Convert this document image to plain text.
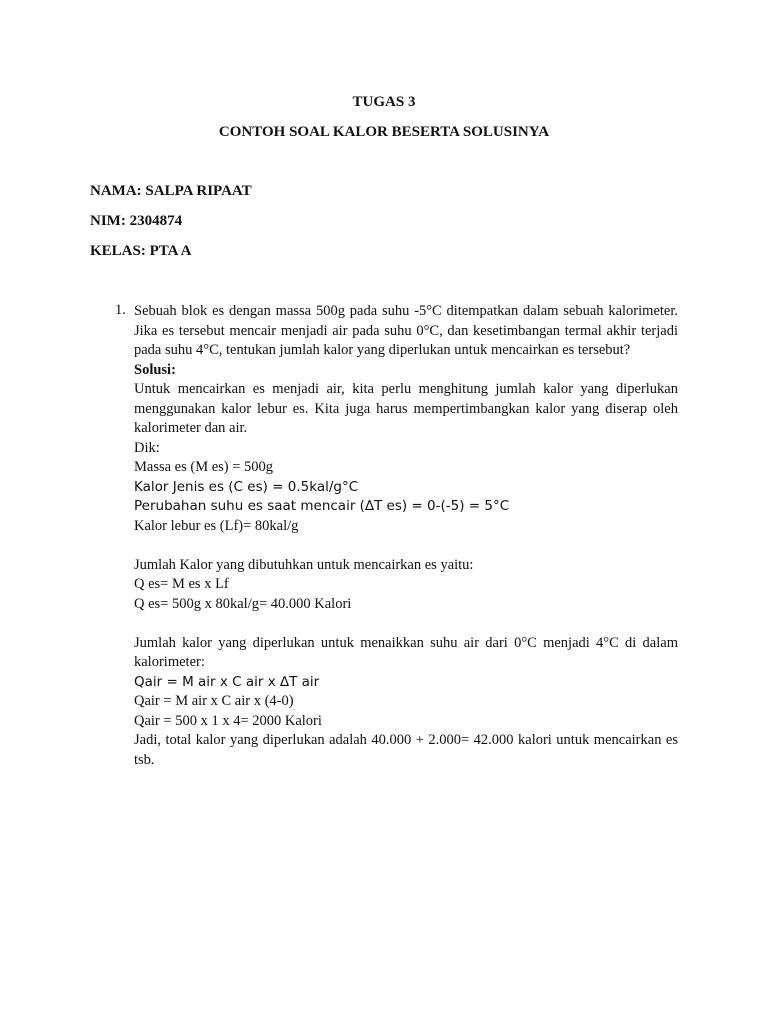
TUGAS 3
CONTOH SOAL KALOR BESERTA SOLUSINYA
NAMA: SALPA RIPAAT
NIM: 2304874
KELAS: PTA A
1. Sebuah blok es dengan massa 500g pada suhu -5°C ditempatkan dalam sebuah kalorimeter. Jika es tersebut mencair menjadi air pada suhu 0°C, dan kesetimbangan termal akhir terjadi pada suhu 4°C, tentukan jumlah kalor yang diperlukan untuk mencairkan es tersebut?

Solusi:

Untuk mencairkan es menjadi air, kita perlu menghitung jumlah kalor yang diperlukan menggunakan kalor lebur es. Kita juga harus mempertimbangkan kalor yang diserap oleh kalorimeter dan air.

Dik:

Massa es (M es) = 500g

Kalor Jenis es (C es) = 0.5kal/g°C

Perubahan suhu es saat mencair (∆T es) = 0-(-5) = 5°C

Kalor lebur es (Lf)= 80kal/g

Jumlah Kalor yang dibutuhkan untuk mencairkan es yaitu:

Q es= M es x Lf

Q es= 500g x 80kal/g= 40.000 Kalori

Jumlah kalor yang diperlukan untuk menaikkan suhu air dari 0°C menjadi 4°C di dalam kalorimeter:

Qair = M air x C air x ∆T air

Qair = M air x C air x (4-0)

Qair = 500 x 1 x 4= 2000 Kalori

Jadi, total kalor yang diperlukan adalah 40.000 + 2.000= 42.000 kalori untuk mencairkan es tsb.
